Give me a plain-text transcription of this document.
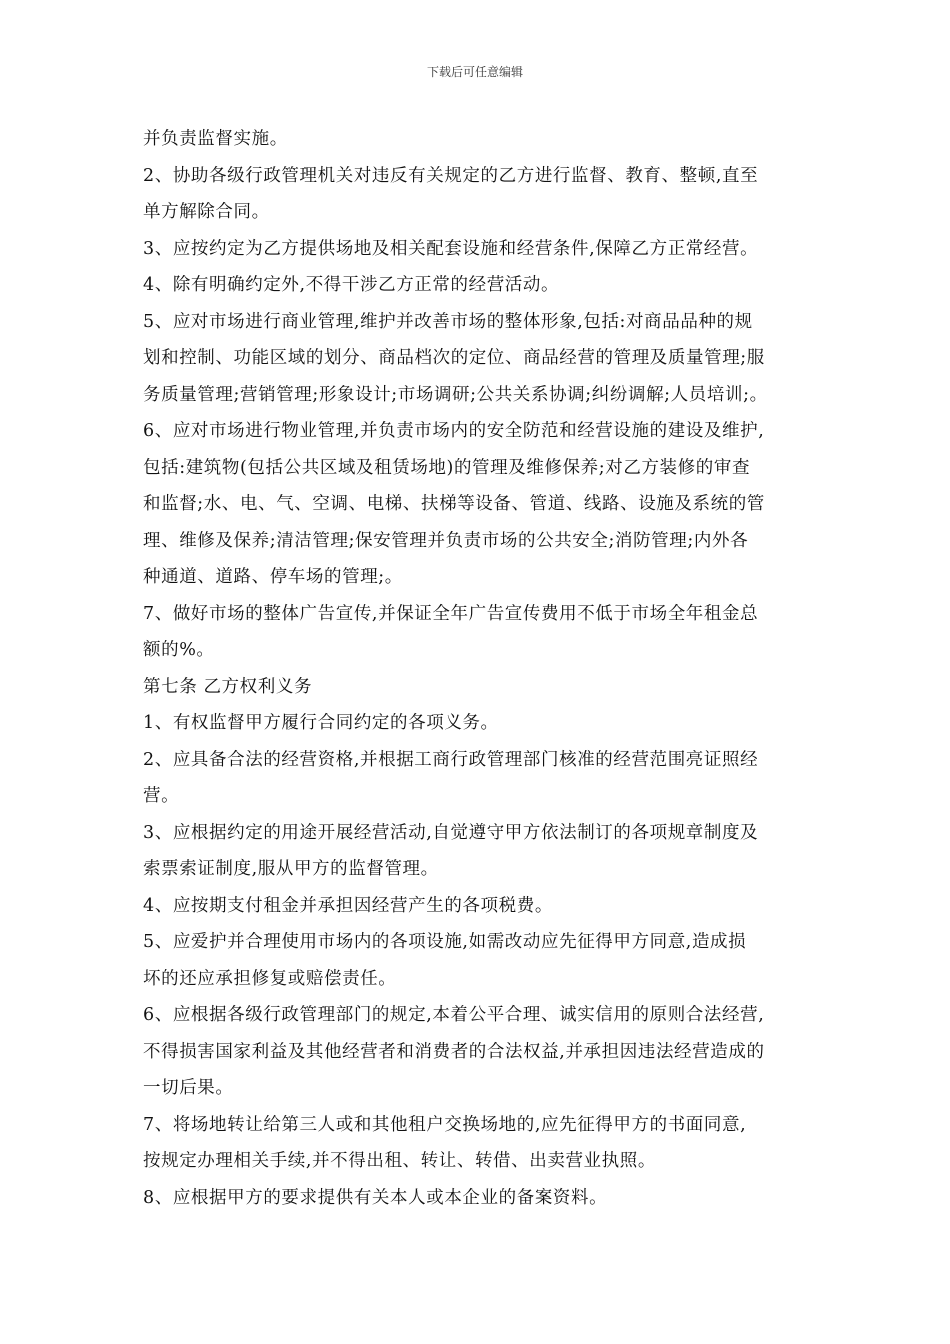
下载后可任意编辑
并负责监督实施。
2、协助各级行政管理机关对违反有关规定的乙方进行监督、教育、整顿,直至
单方解除合同。
3、应按约定为乙方提供场地及相关配套设施和经营条件,保障乙方正常经营。
4、除有明确约定外,不得干涉乙方正常的经营活动。
5、应对市场进行商业管理,维护并改善市场的整体形象,包括:对商品品种的规
划和控制、功能区域的划分、商品档次的定位、商品经营的管理及质量管理;服
务质量管理;营销管理;形象设计;市场调研;公共关系协调;纠纷调解;人员培训;。
6、应对市场进行物业管理,并负责市场内的安全防范和经营设施的建设及维护,
包括:建筑物(包括公共区域及租赁场地)的管理及维修保养;对乙方装修的审查
和监督;水、电、气、空调、电梯、扶梯等设备、管道、线路、设施及系统的管
理、维修及保养;清洁管理;保安管理并负责市场的公共安全;消防管理;内外各
种通道、道路、停车场的管理;。
7、做好市场的整体广告宣传,并保证全年广告宣传费用不低于市场全年租金总
额的%。
第七条 乙方权利义务
1、有权监督甲方履行合同约定的各项义务。
2、应具备合法的经营资格,并根据工商行政管理部门核准的经营范围亮证照经
营。
3、应根据约定的用途开展经营活动,自觉遵守甲方依法制订的各项规章制度及
索票索证制度,服从甲方的监督管理。
4、应按期支付租金并承担因经营产生的各项税费。
5、应爱护并合理使用市场内的各项设施,如需改动应先征得甲方同意,造成损
坏的还应承担修复或赔偿责任。
6、应根据各级行政管理部门的规定,本着公平合理、诚实信用的原则合法经营,
不得损害国家利益及其他经营者和消费者的合法权益,并承担因违法经营造成的
一切后果。
7、将场地转让给第三人或和其他租户交换场地的,应先征得甲方的书面同意,
按规定办理相关手续,并不得出租、转让、转借、出卖营业执照。
8、应根据甲方的要求提供有关本人或本企业的备案资料。
